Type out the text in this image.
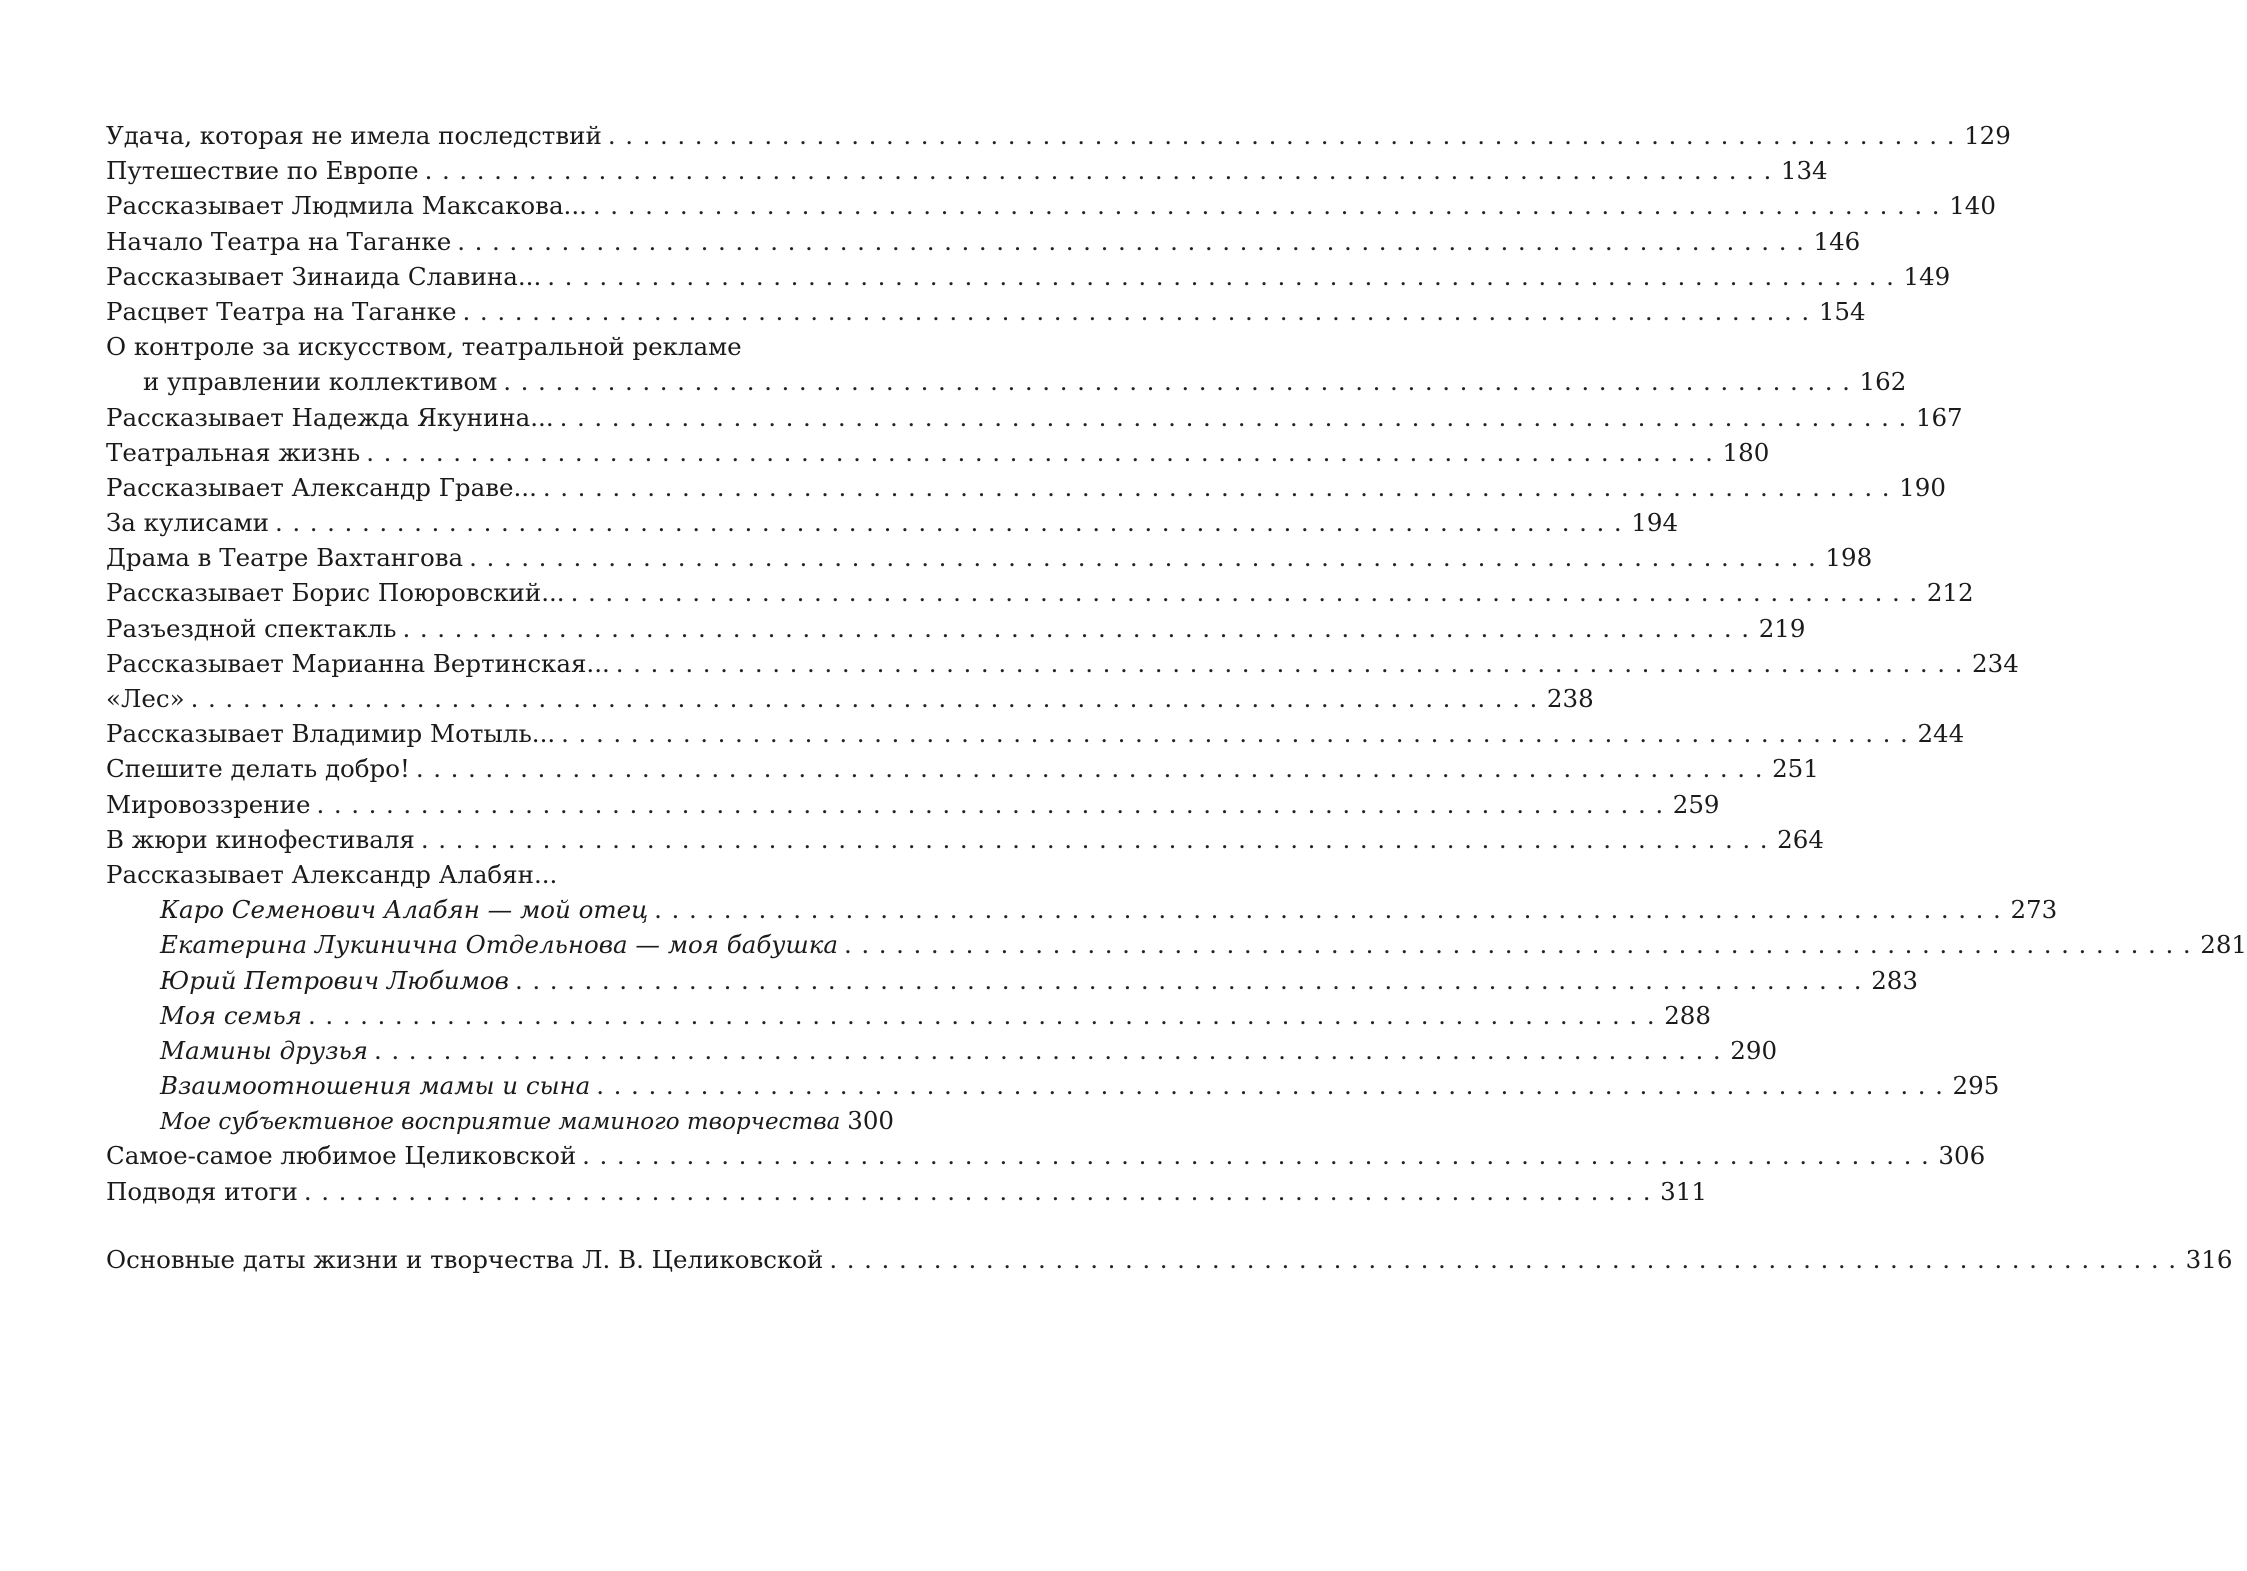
Удача, которая не имела последствий .............................................................................. 129
Путешествие по Европе .............................................................................. 134
Рассказывает Людмила Максакова... .............................................................................. 140
Начало Театра на Таганке .............................................................................. 146
Рассказывает Зинаида Славина... .............................................................................. 149
Расцвет Театра на Таганке .............................................................................. 154
О контроле за искусством, театральной рекламе
и управлении коллективом .............................................................................. 162
Рассказывает Надежда Якунина... .............................................................................. 167
Театральная жизнь .............................................................................. 180
Рассказывает Александр Граве... .............................................................................. 190
За кулисами .............................................................................. 194
Драма в Театре Вахтангова .............................................................................. 198
Рассказывает Борис Поюровский... .............................................................................. 212
Разъездной спектакль .............................................................................. 219
Рассказывает Марианна Вертинская... .............................................................................. 234
«Лес» .............................................................................. 238
Рассказывает Владимир Мотыль... .............................................................................. 244
Спешите делать добро! .............................................................................. 251
Мировоззрение .............................................................................. 259
В жюри кинофестиваля .............................................................................. 264
Рассказывает Александр Алабян...
Каро Семенович Алабян — мой отец .............................................................................. 273
Екатерина Лукинична Отдельнова — моя бабушка .............................................................................. 281
Юрий Петрович Любимов .............................................................................. 283
Моя семья .............................................................................. 288
Мамины друзья .............................................................................. 290
Взаимоотношения мамы и сына .............................................................................. 295
Мое субъективное восприятие маминого творчества 300
Самое-самое любимое Целиковской .............................................................................. 306
Подводя итоги .............................................................................. 311
Основные даты жизни и творчества Л. В. Целиковской .............................................................................. 316
